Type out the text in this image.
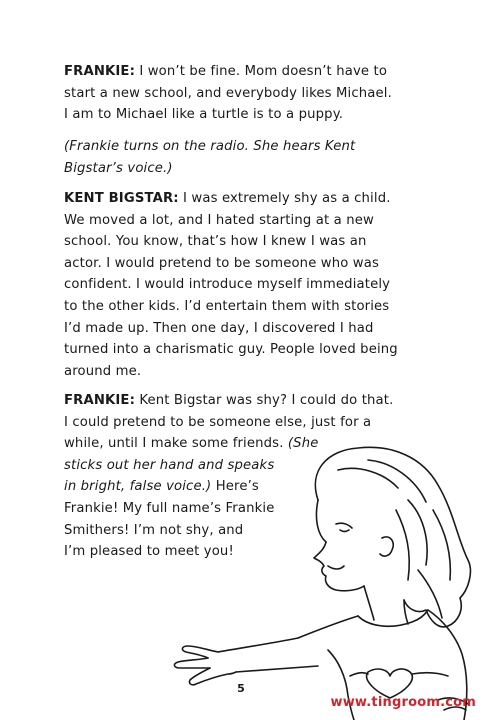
FRANKIE: I won’t be fine. Mom doesn’t have to
start a new school, and everybody likes Michael.
I am to Michael like a turtle is to a puppy.

(Frankie turns on the radio. She hears Kent
Bigstar’s voice.)

KENT BIGSTAR: I was extremely shy as a child.
We moved a lot, and I hated starting at a new
school. You know, that’s how I knew I was an
actor. I would pretend to be someone who was
confident. I would introduce myself immediately
to the other kids. I’d entertain them with stories
I’d made up. Then one day, I discovered I had
turned into a charismatic guy. People loved being
around me.

FRANKIE: Kent Bigstar was shy? I could do that.
I could pretend to be someone else, just for a
while, until I make some friends. (She
sticks out her hand and speaks
in bright, false voice.) Here’s
Frankie! My full name’s Frankie
Smithers! I’m not shy, and
I’m pleased to meet you!

5
www.tingroom.com
